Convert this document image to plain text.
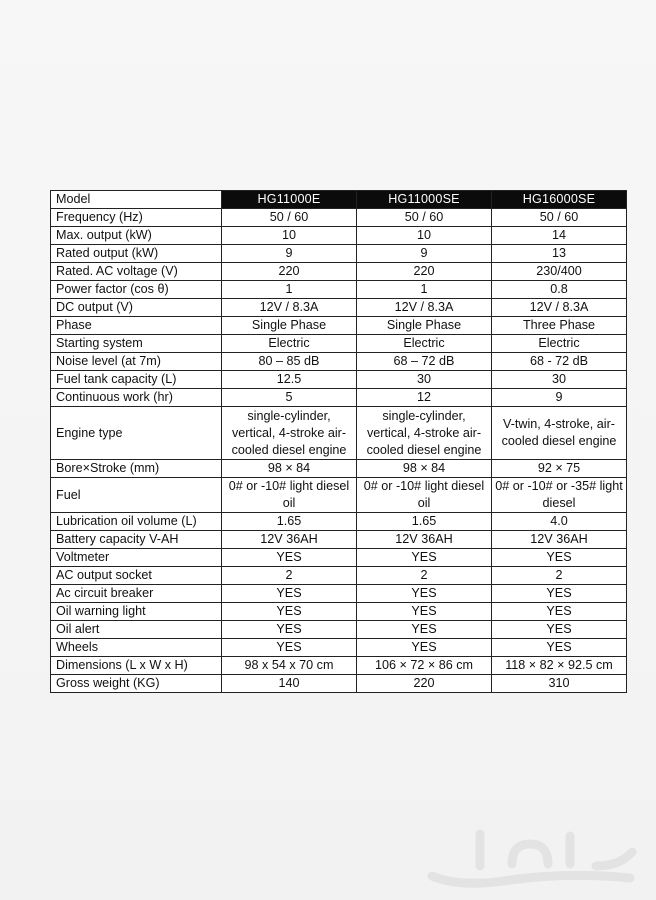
Model	HG11000E	HG11000SE	HG16000SE
Frequency (Hz)	50 / 60	50 / 60	50 / 60
Max. output (kW)	10	10	14
Rated output (kW)	9	9	13
Rated. AC voltage (V)	220	220	230/400
Power factor (cos θ)	1	1	0.8
DC output (V)	12V / 8.3A	12V / 8.3A	12V / 8.3A
Phase	Single Phase	Single Phase	Three Phase
Starting system	Electric	Electric	Electric
Noise level (at 7m)	80 – 85 dB	68 – 72 dB	68 - 72 dB
Fuel tank capacity (L)	12.5	30	30
Continuous work (hr)	5	12	9
Engine type	single-cylinder, vertical, 4-stroke air-cooled diesel engine	single-cylinder, vertical, 4-stroke air-cooled diesel engine	V-twin, 4-stroke, air-cooled diesel engine
Bore×Stroke (mm)	98 × 84	98 × 84	92 × 75
Fuel	0# or -10# light diesel oil	0# or -10# light diesel oil	0# or -10# or -35# light diesel
Lubrication oil volume (L)	1.65	1.65	4.0
Battery capacity V-AH	12V 36AH	12V 36AH	12V 36AH
Voltmeter	YES	YES	YES
AC output socket	2	2	2
Ac circuit breaker	YES	YES	YES
Oil warning light	YES	YES	YES
Oil alert	YES	YES	YES
Wheels	YES	YES	YES
Dimensions (L x W x H)	98 x 54 x 70 cm	106 × 72 × 86 cm	118 × 82 × 92.5 cm
Gross weight (KG)	140	220	310
